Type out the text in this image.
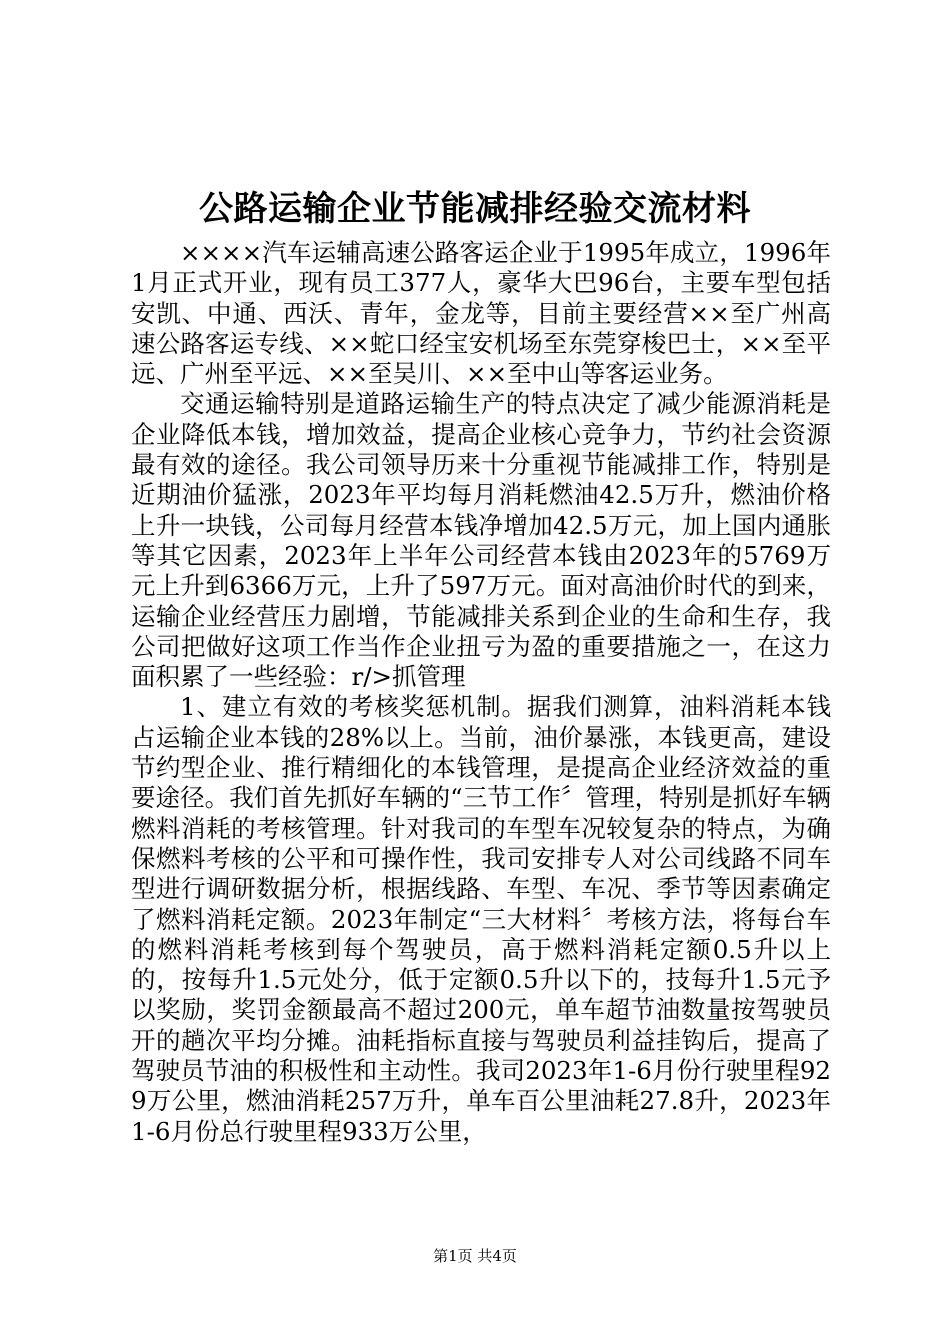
公路运输企业节能减排经验交流材料

××××汽车运辅高速公路客运企业于1995年成立，1996年1月正式开业，现有员工377人，豪华大巴96台，主要车型包括安凯、中通、西沃、青年，金龙等，目前主要经营××至广州高速公路客运专线、××蛇口经宝安机场至东莞穿梭巴士，××至平远、广州至平远、××至吴川、××至中山等客运业务。

交通运输特别是道路运输生产的特点决定了减少能源消耗是企业降低本钱，增加效益，提高企业核心竞争力，节约社会资源最有效的途径。我公司领导历来十分重视节能减排工作，特别是近期油价猛涨，2023年平均每月消耗燃油42.5万升，燃油价格上升一块钱，公司每月经营本钱净增加42.5万元，加上国内通胀等其它因素，2023年上半年公司经营本钱由2023年的5769万元上升到6366万元，上升了597万元。面对高油价时代的到来，运输企业经营压力剧增，节能减排关系到企业的生命和生存，我公司把做好这项工作当作企业扭亏为盈的重要措施之一，在这力面积累了一些经验：r/>抓管理

1、建立有效的考核奖惩机制。据我们测算，油料消耗本钱占运输企业本钱的28%以上。当前，油价暴涨，本钱更高，建设节约型企业、推行精细化的本钱管理，是提高企业经济效益的重要途径。我们首先抓好车辆的“三节工作〞管理，特别是抓好车辆燃料消耗的考核管理。针对我司的车型车况较复杂的特点，为确保燃料考核的公平和可操作性，我司安排专人对公司线路不同车型进行调研数据分析，根据线路、车型、车况、季节等因素确定了燃料消耗定额。2023年制定“三大材料〞考核方法，将每台车的燃料消耗考核到每个驾驶员，高于燃料消耗定额0.5升以上的，按每升1.5元处分，低于定额0.5升以下的，技每升1.5元予以奖励，奖罚金额最高不超过200元，单车超节油数量按驾驶员开的趟次平均分摊。油耗指标直接与驾驶员利益挂钩后，提高了驾驶员节油的积极性和主动性。我司2023年1-6月份行驶里程929万公里，燃油消耗257万升，单车百公里油耗27.8升，2023年1-6月份总行驶里程933万公里，

第1页 共4页
